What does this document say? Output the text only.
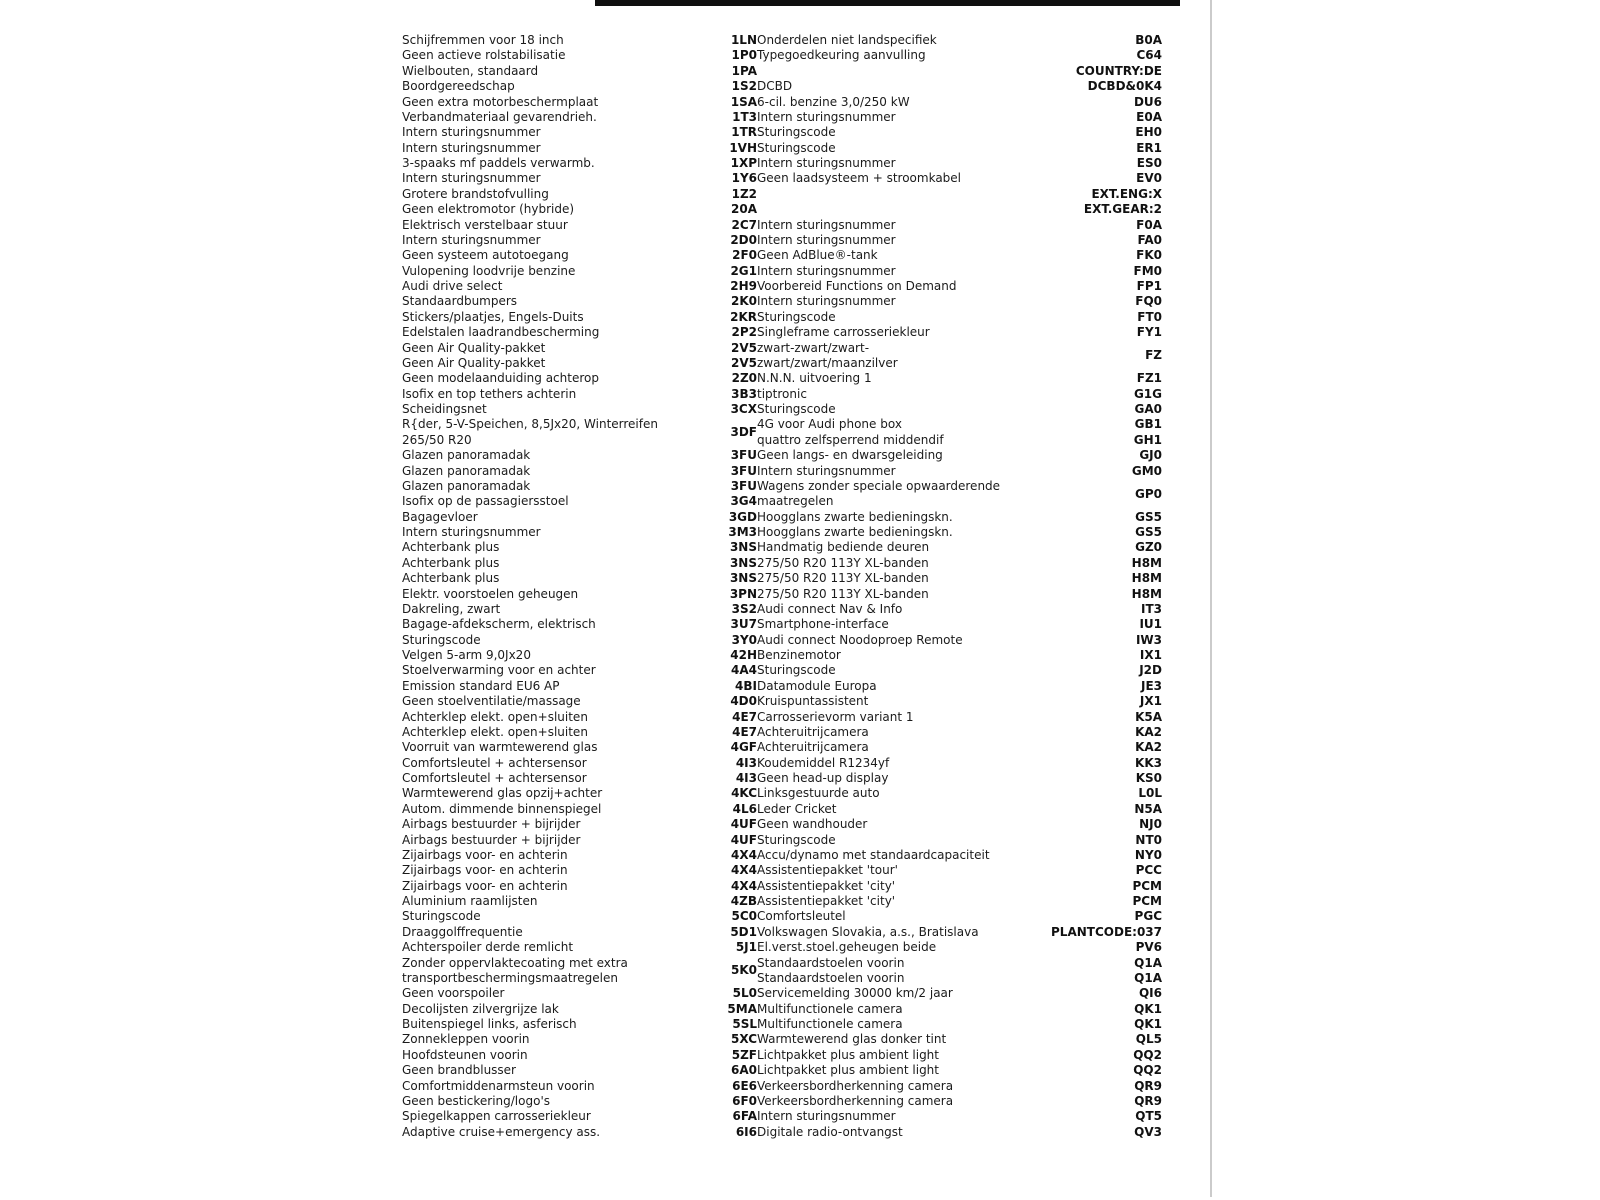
Schijfremmen voor 18 inch	1LN	Onderdelen niet landspecifiek	B0A
Geen actieve rolstabilisatie	1P0	Typegoedkeuring aanvulling	C64
Wielbouten, standaard	1PA		COUNTRY:DE
Boordgereedschap	1S2	DCBD	DCBD&0K4
Geen extra motorbeschermplaat	1SA	6-cil. benzine 3,0/250 kW	DU6
Verbandmateriaal gevarendrieh.	1T3	Intern sturingsnummer	E0A
Intern sturingsnummer	1TR	Sturingscode	EH0
Intern sturingsnummer	1VH	Sturingscode	ER1
3-spaaks mf paddels verwarmb.	1XP	Intern sturingsnummer	ES0
Intern sturingsnummer	1Y6	Geen laadsysteem + stroomkabel	EV0
Grotere brandstofvulling	1Z2		EXT.ENG:X
Geen elektromotor (hybride)	20A		EXT.GEAR:2
Elektrisch verstelbaar stuur	2C7	Intern sturingsnummer	F0A
Intern sturingsnummer	2D0	Intern sturingsnummer	FA0
Geen systeem autotoegang	2F0	Geen AdBlue®-tank	FK0
Vulopening loodvrije benzine	2G1	Intern sturingsnummer	FM0
Audi drive select	2H9	Voorbereid Functions on Demand	FP1
Standaardbumpers	2K0	Intern sturingsnummer	FQ0
Stickers/plaatjes, Engels-Duits	2KR	Sturingscode	FT0
Edelstalen laadrandbescherming	2P2	Singleframe carrosseriekleur	FY1
Geen Air Quality-pakket	2V5	zwart-zwart/zwart-	FZ
Geen Air Quality-pakket	2V5	zwart/zwart/maanzilver	
Geen modelaanduiding achterop	2Z0	N.N.N. uitvoering 1	FZ1
Isofix en top tethers achterin	3B3	tiptronic	G1G
Scheidingsnet	3CX	Sturingscode	GA0
R{der, 5-V-Speichen, 8,5Jx20, Winterreifen	3DF	4G voor Audi phone box	GB1
265/50 R20		quattro zelfsperrend middendif	GH1
Glazen panoramadak	3FU	Geen langs- en dwarsgeleiding	GJ0
Glazen panoramadak	3FU	Intern sturingsnummer	GM0
Glazen panoramadak	3FU	Wagens zonder speciale opwaarderende	GP0
Isofix op de passagiersstoel	3G4	maatregelen	
Bagagevloer	3GD	Hoogglans zwarte bedieningskn.	GS5
Intern sturingsnummer	3M3	Hoogglans zwarte bedieningskn.	GS5
Achterbank plus	3NS	Handmatig bediende deuren	GZ0
Achterbank plus	3NS	275/50 R20 113Y XL-banden	H8M
Achterbank plus	3NS	275/50 R20 113Y XL-banden	H8M
Elektr. voorstoelen geheugen	3PN	275/50 R20 113Y XL-banden	H8M
Dakreling, zwart	3S2	Audi connect Nav & Info	IT3
Bagage-afdekscherm, elektrisch	3U7	Smartphone-interface	IU1
Sturingscode	3Y0	Audi connect Noodoproep Remote	IW3
Velgen 5-arm 9,0Jx20	42H	Benzinemotor	IX1
Stoelverwarming voor en achter	4A4	Sturingscode	J2D
Emission standard EU6 AP	4BI	Datamodule Europa	JE3
Geen stoelventilatie/massage	4D0	Kruispuntassistent	JX1
Achterklep elekt. open+sluiten	4E7	Carrosserievorm variant 1	K5A
Achterklep elekt. open+sluiten	4E7	Achteruitrijcamera	KA2
Voorruit van warmtewerend glas	4GF	Achteruitrijcamera	KA2
Comfortsleutel + achtersensor	4I3	Koudemiddel R1234yf	KK3
Comfortsleutel + achtersensor	4I3	Geen head-up display	KS0
Warmtewerend glas opzij+achter	4KC	Linksgestuurde auto	L0L
Autom. dimmende binnenspiegel	4L6	Leder Cricket	N5A
Airbags bestuurder + bijrijder	4UF	Geen wandhouder	NJ0
Airbags bestuurder + bijrijder	4UF	Sturingscode	NT0
Zijairbags voor- en achterin	4X4	Accu/dynamo met standaardcapaciteit	NY0
Zijairbags voor- en achterin	4X4	Assistentiepakket 'tour'	PCC
Zijairbags voor- en achterin	4X4	Assistentiepakket 'city'	PCM
Aluminium raamlijsten	4ZB	Assistentiepakket 'city'	PCM
Sturingscode	5C0	Comfortsleutel	PGC
Draaggolffrequentie	5D1	Volkswagen Slovakia, a.s., Bratislava	PLANTCODE:037
Achterspoiler derde remlicht	5J1	El.verst.stoel.geheugen beide	PV6
Zonder oppervlaktecoating met extra	5K0	Standaardstoelen voorin	Q1A
transportbeschermingsmaatregelen		Standaardstoelen voorin	Q1A
Geen voorspoiler	5L0	Servicemelding 30000 km/2 jaar	QI6
Decolijsten zilvergrijze lak	5MA	Multifunctionele camera	QK1
Buitenspiegel links, asferisch	5SL	Multifunctionele camera	QK1
Zonnekleppen voorin	5XC	Warmtewerend glas donker tint	QL5
Hoofdsteunen voorin	5ZF	Lichtpakket plus ambient light	QQ2
Geen brandblusser	6A0	Lichtpakket plus ambient light	QQ2
Comfortmiddenarmsteun voorin	6E6	Verkeersbordherkenning camera	QR9
Geen bestickering/logo's	6F0	Verkeersbordherkenning camera	QR9
Spiegelkappen carrosseriekleur	6FA	Intern sturingsnummer	QT5
Adaptive cruise+emergency ass.	6I6	Digitale radio-ontvangst	QV3
